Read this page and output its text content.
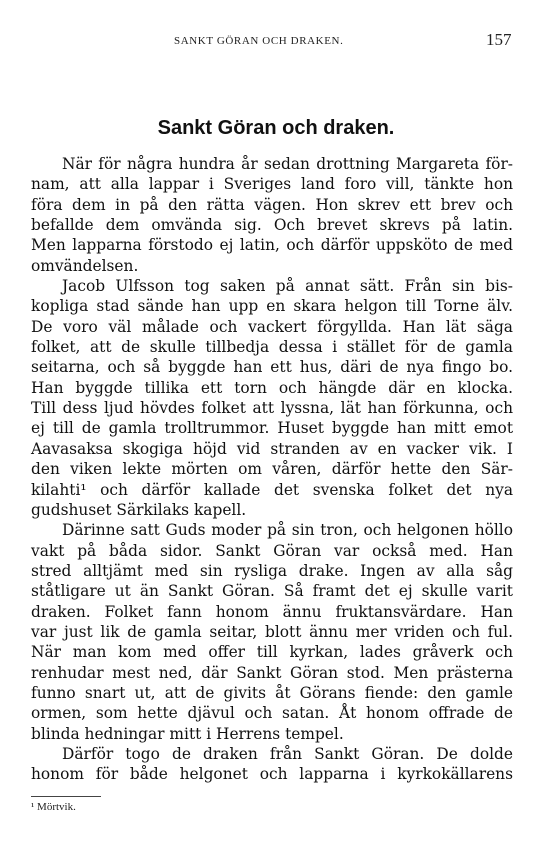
SANKT GÖRAN OCH DRAKEN.	157
Sankt Göran och draken.
När för några hundra år sedan drottning Margareta för-
nam, att alla lappar i Sveriges land foro vill, tänkte hon
föra dem in på den rätta vägen. Hon skrev ett brev och
befallde dem omvända sig. Och brevet skrevs på latin.
Men lapparna förstodo ej latin, och därför uppsköto de med
omvändelsen.
Jacob Ulfsson tog saken på annat sätt. Från sin bis-
kopliga stad sände han upp en skara helgon till Torne älv.
De voro väl målade och vackert förgyllda. Han lät säga
folket, att de skulle tillbedja dessa i stället för de gamla
seitarna, och så byggde han ett hus, däri de nya fingo bo.
Han byggde tillika ett torn och hängde där en klocka.
Till dess ljud hövdes folket att lyssna, lät han förkunna, och
ej till de gamla trolltrummor. Huset byggde han mitt emot
Aavasaksa skogiga höjd vid stranden av en vacker vik. I
den viken lekte mörten om våren, därför hette den Sär-
kilahti¹ och därför kallade det svenska folket det nya
gudshuset Särkilaks kapell.
Därinne satt Guds moder på sin tron, och helgonen höllo
vakt på båda sidor. Sankt Göran var också med. Han
stred alltjämt med sin rysliga drake. Ingen av alla såg
ståtligare ut än Sankt Göran. Så framt det ej skulle varit
draken. Folket fann honom ännu fruktansvärdare. Han
var just lik de gamla seitar, blott ännu mer vriden och ful.
När man kom med offer till kyrkan, lades gråverk och
renhudar mest ned, där Sankt Göran stod. Men prästerna
funno snart ut, att de givits åt Görans fiende: den gamle
ormen, som hette djävul och satan. Åt honom offrade de
blinda hedningar mitt i Herrens tempel.
Därför togo de draken från Sankt Göran. De dolde
honom för både helgonet och lapparna i kyrkokällarens
¹ Mörtvik.
